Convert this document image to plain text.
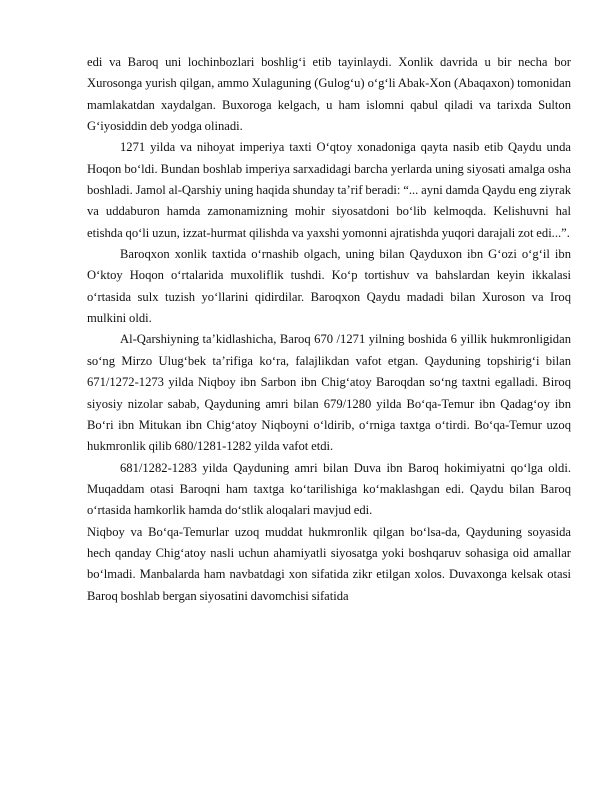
edi va Baroq uni lochinbozlari boshlig‘i etib tayinlaydi. Xonlik davrida u bir necha bor Xurosonga yurish qilgan, ammo Xulaguning (Gulog‘u) o‘g‘li Abak-Xon (Abaqaxon) tomonidan mamlakatdan xaydalgan. Buxoroga kelgach, u ham islomni qabul qiladi va tarixda Sulton G‘iyosiddin deb yodga olinadi.

1271 yilda va nihoyat imperiya taxti O‘qtoy xonadoniga qayta nasib etib Qaydu unda Hoqon bo‘ldi. Bundan boshlab imperiya sarxadidagi barcha yerlarda uning siyosati amalga osha boshladi. Jamol al-Qarshiy uning haqida shunday ta’rif beradi: “... ayni damda Qaydu eng ziyrak va uddaburon hamda zamonamizning mohir siyosatdoni bo‘lib kelmoqda. Kelishuvni hal etishda qo‘li uzun, izzat-hurmat qilishda va yaxshi yomonni ajratishda yuqori darajali zot edi...”.

Baroqxon xonlik taxtida o‘rnashib olgach, uning bilan Qayduxon ibn G‘ozi o‘g‘il ibn O‘ktoy Hoqon o‘rtalarida muxoliflik tushdi. Ko‘p tortishuv va bahslardan keyin ikkalasi o‘rtasida sulx tuzish yo‘llarini qidirdilar. Baroqxon Qaydu madadi bilan Xuroson va Iroq mulkini oldi.

Al-Qarshiyning ta’kidlashicha, Baroq 670 /1271 yilning boshida 6 yillik hukmronligidan so‘ng Mirzo Ulug‘bek ta’rifiga ko‘ra, falajlikdan vafot etgan. Qayduning topshirig‘i bilan 671/1272-1273 yilda Niqboy ibn Sarbon ibn Chig‘atoy Baroqdan so‘ng taxtni egalladi. Biroq siyosiy nizolar sabab, Qayduning amri bilan 679/1280 yilda Bo‘qa-Temur ibn Qadag‘oy ibn Bo‘ri ibn Mitukan ibn Chig‘atoy Niqboyni o‘ldirib, o‘rniga taxtga o‘tirdi. Bo‘qa-Temur uzoq hukmronlik qilib 680/1281-1282 yilda vafot etdi.

681/1282-1283 yilda Qayduning amri bilan Duva ibn Baroq hokimiyatni qo‘lga oldi. Muqaddam otasi Baroqni ham taxtga ko‘tarilishiga ko‘maklashgan edi. Qaydu bilan Baroq o‘rtasida hamkorlik hamda do‘stlik aloqalari mavjud edi.

Niqboy va Bo‘qa-Temurlar uzoq muddat hukmronlik qilgan bo‘lsa-da, Qayduning soyasida hech qanday Chig‘atoy nasli uchun ahamiyatli siyosatga yoki boshqaruv sohasiga oid amallar bo‘lmadi. Manbalarda ham navbatdagi xon sifatida zikr etilgan xolos. Duvaxonga kelsak otasi Baroq boshlab bergan siyosatini davomchisi sifatida
